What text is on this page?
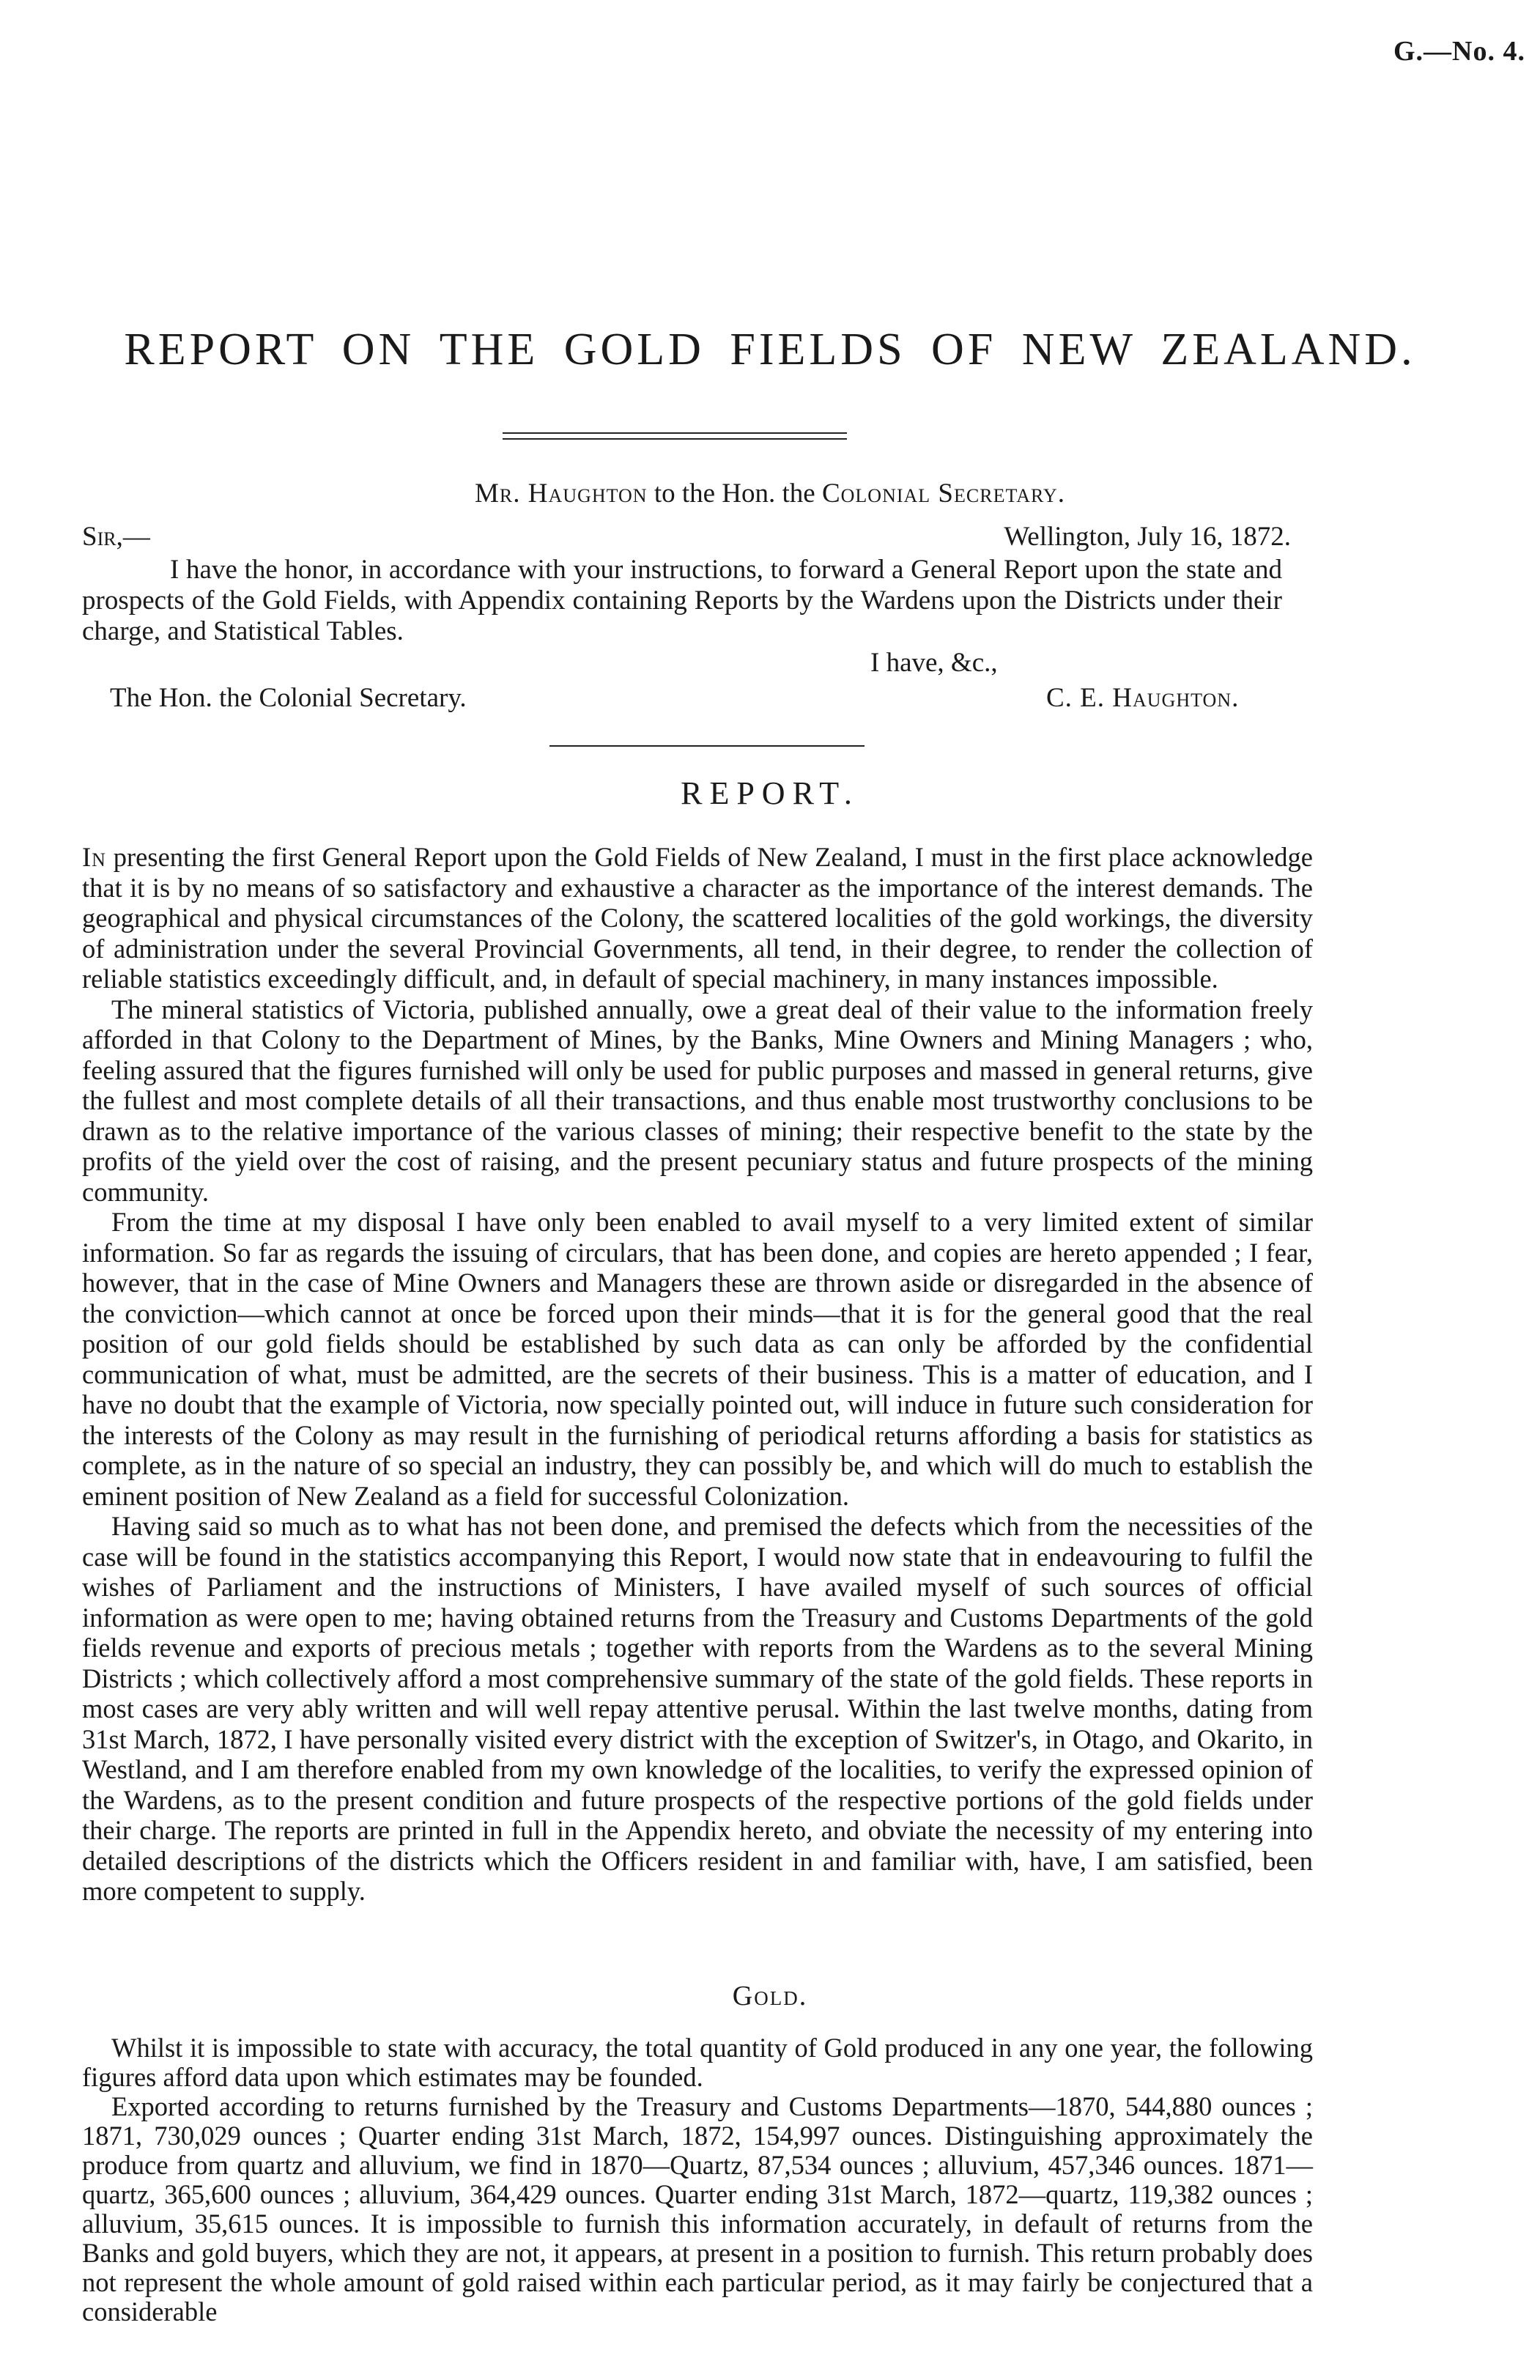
G.—No. 4.
REPORT ON THE GOLD FIELDS OF NEW ZEALAND.
Mr. Haughton to the Hon. the Colonial Secretary.
Sir,—	Wellington, July 16, 1872.

I have the honor, in accordance with your instructions, to forward a General Report upon the state and prospects of the Gold Fields, with Appendix containing Reports by the Wardens upon the Districts under their charge, and Statistical Tables.

I have, &c.,
The Hon. the Colonial Secretary.	C. E. Haughton.
REPORT.

In presenting the first General Report upon the Gold Fields of New Zealand, I must in the first place acknowledge that it is by no means of so satisfactory and exhaustive a character as the importance of the interest demands. The geographical and physical circumstances of the Colony, the scattered localities of the gold workings, the diversity of administration under the several Provincial Governments, all tend, in their degree, to render the collection of reliable statistics exceedingly difficult, and, in default of special machinery, in many instances impossible.

The mineral statistics of Victoria, published annually, owe a great deal of their value to the information freely afforded in that Colony to the Department of Mines, by the Banks, Mine Owners and Mining Managers ; who, feeling assured that the figures furnished will only be used for public purposes and massed in general returns, give the fullest and most complete details of all their transactions, and thus enable most trustworthy conclusions to be drawn as to the relative importance of the various classes of mining; their respective benefit to the state by the profits of the yield over the cost of raising, and the present pecuniary status and future prospects of the mining community.

From the time at my disposal I have only been enabled to avail myself to a very limited extent of similar information. So far as regards the issuing of circulars, that has been done, and copies are hereto appended ; I fear, however, that in the case of Mine Owners and Managers these are thrown aside or disregarded in the absence of the conviction—which cannot at once be forced upon their minds—that it is for the general good that the real position of our gold fields should be established by such data as can only be afforded by the confidential communication of what, must be admitted, are the secrets of their business. This is a matter of education, and I have no doubt that the example of Victoria, now specially pointed out, will induce in future such consideration for the interests of the Colony as may result in the furnishing of periodical returns affording a basis for statistics as complete, as in the nature of so special an industry, they can possibly be, and which will do much to establish the eminent position of New Zealand as a field for successful Colonization.

Having said so much as to what has not been done, and premised the defects which from the necessities of the case will be found in the statistics accompanying this Report, I would now state that in endeavouring to fulfil the wishes of Parliament and the instructions of Ministers, I have availed myself of such sources of official information as were open to me; having obtained returns from the Treasury and Customs Departments of the gold fields revenue and exports of precious metals ; together with reports from the Wardens as to the several Mining Districts ; which collectively afford a most comprehensive summary of the state of the gold fields. These reports in most cases are very ably written and will well repay attentive perusal. Within the last twelve months, dating from 31st March, 1872, I have personally visited every district with the exception of Switzer's, in Otago, and Okarito, in Westland, and I am therefore enabled from my own knowledge of the localities, to verify the expressed opinion of the Wardens, as to the present condition and future prospects of the respective portions of the gold fields under their charge. The reports are printed in full in the Appendix hereto, and obviate the necessity of my entering into detailed descriptions of the districts which the Officers resident in and familiar with, have, I am satisfied, been more competent to supply.

Gold.

Whilst it is impossible to state with accuracy, the total quantity of Gold produced in any one year, the following figures afford data upon which estimates may be founded.

Exported according to returns furnished by the Treasury and Customs Departments—1870, 544,880 ounces ; 1871, 730,029 ounces ; Quarter ending 31st March, 1872, 154,997 ounces. Distinguishing approximately the produce from quartz and alluvium, we find in 1870—Quartz, 87,534 ounces ; alluvium, 457,346 ounces. 1871—quartz, 365,600 ounces ; alluvium, 364,429 ounces. Quarter ending 31st March, 1872—quartz, 119,382 ounces ; alluvium, 35,615 ounces. It is impossible to furnish this information accurately, in default of returns from the Banks and gold buyers, which they are not, it appears, at present in a position to furnish. This return probably does not represent the whole amount of gold raised within each particular period, as it may fairly be conjectured that a considerable
